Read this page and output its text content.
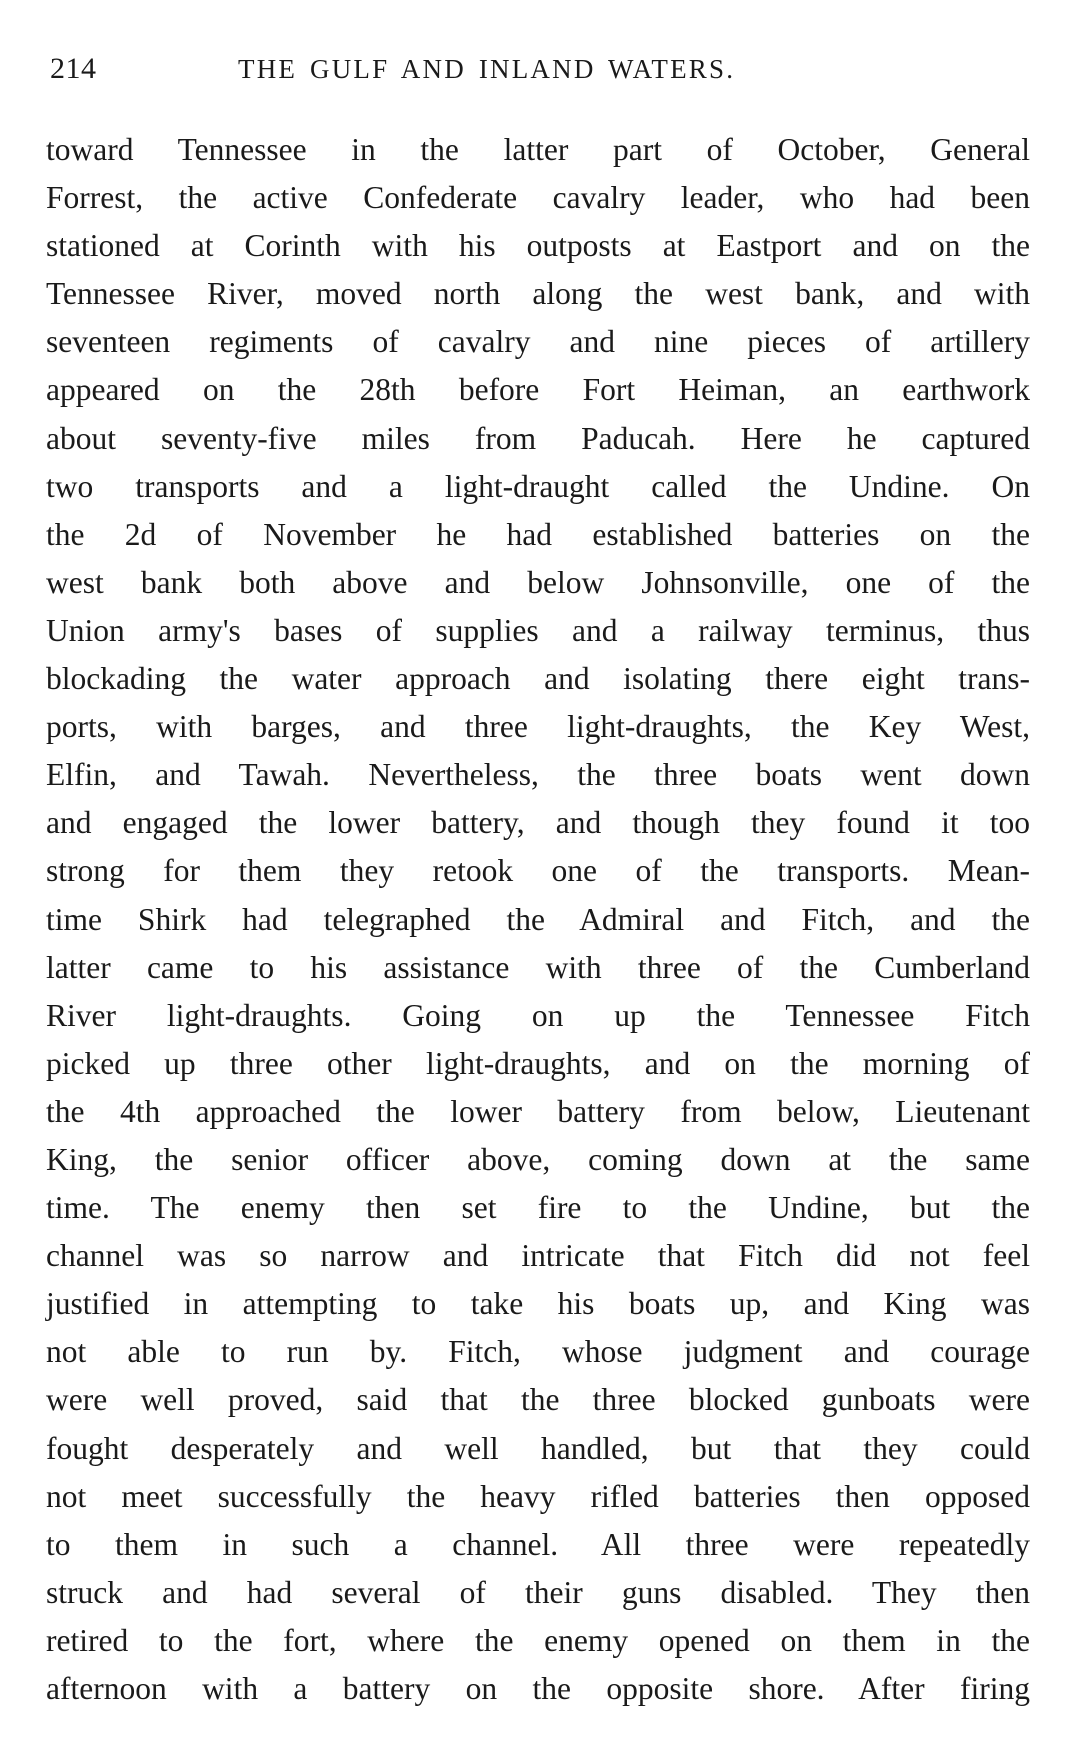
214	THE GULF AND INLAND WATERS.
toward Tennessee in the latter part of October, General
Forrest, the active Confederate cavalry leader, who had been
stationed at Corinth with his outposts at Eastport and on the
Tennessee River, moved north along the west bank, and with
seventeen regiments of cavalry and nine pieces of artillery
appeared on the 28th before Fort Heiman, an earthwork
about seventy-five miles from Paducah. Here he captured
two transports and a light-draught called the Undine. On
the 2d of November he had established batteries on the
west bank both above and below Johnsonville, one of the
Union army's bases of supplies and a railway terminus, thus
blockading the water approach and isolating there eight trans-
ports, with barges, and three light-draughts, the Key West,
Elfin, and Tawah. Nevertheless, the three boats went down
and engaged the lower battery, and though they found it too
strong for them they retook one of the transports. Mean-
time Shirk had telegraphed the Admiral and Fitch, and the
latter came to his assistance with three of the Cumberland
River light-draughts. Going on up the Tennessee Fitch
picked up three other light-draughts, and on the morning of
the 4th approached the lower battery from below, Lieutenant
King, the senior officer above, coming down at the same
time. The enemy then set fire to the Undine, but the
channel was so narrow and intricate that Fitch did not feel
justified in attempting to take his boats up, and King was
not able to run by. Fitch, whose judgment and courage
were well proved, said that the three blocked gunboats were
fought desperately and well handled, but that they could
not meet successfully the heavy rifled batteries then opposed
to them in such a channel. All three were repeatedly
struck and had several of their guns disabled. They then
retired to the fort, where the enemy opened on them in the
afternoon with a battery on the opposite shore. After firing
